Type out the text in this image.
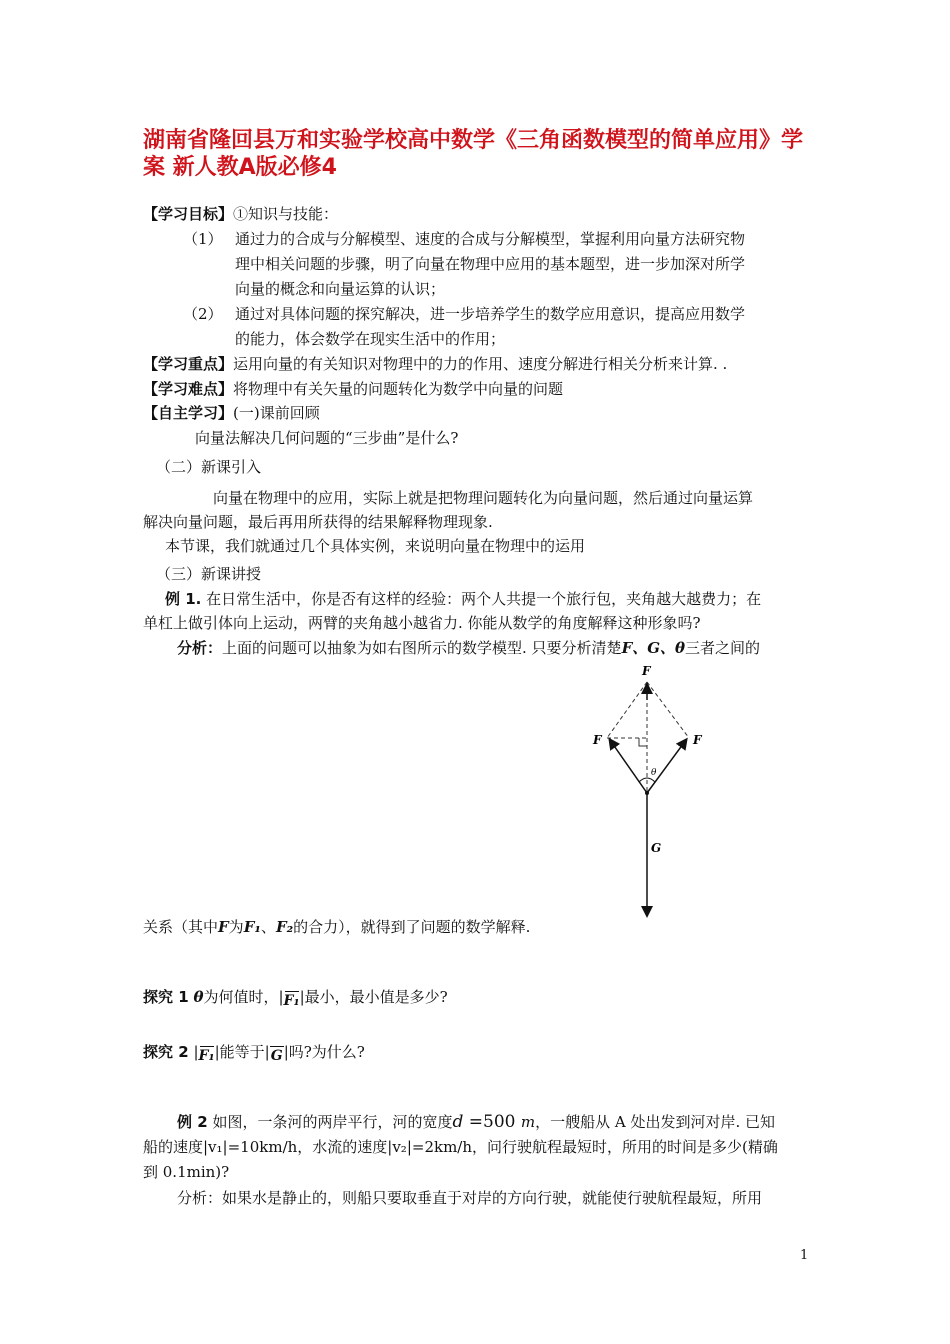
湖南省隆回县万和实验学校高中数学《三角函数模型的简单应用》学
案 新人教A版必修4
【学习目标】①知识与技能：
（1） 通过力的合成与分解模型、速度的合成与分解模型，掌握利用向量方法研究物
理中相关问题的步骤，明了向量在物理中应用的基本题型，进一步加深对所学
向量的概念和向量运算的认识；
（2） 通过对具体问题的探究解决，进一步培养学生的数学应用意识，提高应用数学
的能力，体会数学在现实生活中的作用；
【学习重点】运用向量的有关知识对物理中的力的作用、速度分解进行相关分析来计算. .
【学习难点】将物理中有关矢量的问题转化为数学中向量的问题
【自主学习】(一)课前回顾
向量法解决几何问题的“三步曲”是什么?
（二）新课引入
向量在物理中的应用，实际上就是把物理问题转化为向量问题，然后通过向量运算
解决向量问题，最后再用所获得的结果解释物理现象.
本节课，我们就通过几个具体实例，来说明向量在物理中的运用
（三）新课讲授
例 1. 在日常生活中，你是否有这样的经验：两个人共提一个旅行包，夹角越大越费力；在
单杠上做引体向上运动，两臂的夹角越小越省力. 你能从数学的角度解释这种形象吗?
分析：上面的问题可以抽象为如右图所示的数学模型. 只要分析清楚F、G、θ三者之间的
F
F	F
θ
G
关系（其中F为F₁、F₂的合力），就得到了问题的数学解释.
探究 1 θ为何值时，| F₁ |最小，最小值是多少?
探究 2 | F₁ |能等于| G |吗?为什么?
例 2 如图，一条河的两岸平行，河的宽度d =500 m，一艘船从 A 处出发到河对岸. 已知
船的速度|v₁|=10km/h，水流的速度|v₂|=2km/h，问行驶航程最短时，所用的时间是多少(精确
到 0.1min)?
分析：如果水是静止的，则船只要取垂直于对岸的方向行驶，就能使行驶航程最短，所用
1
